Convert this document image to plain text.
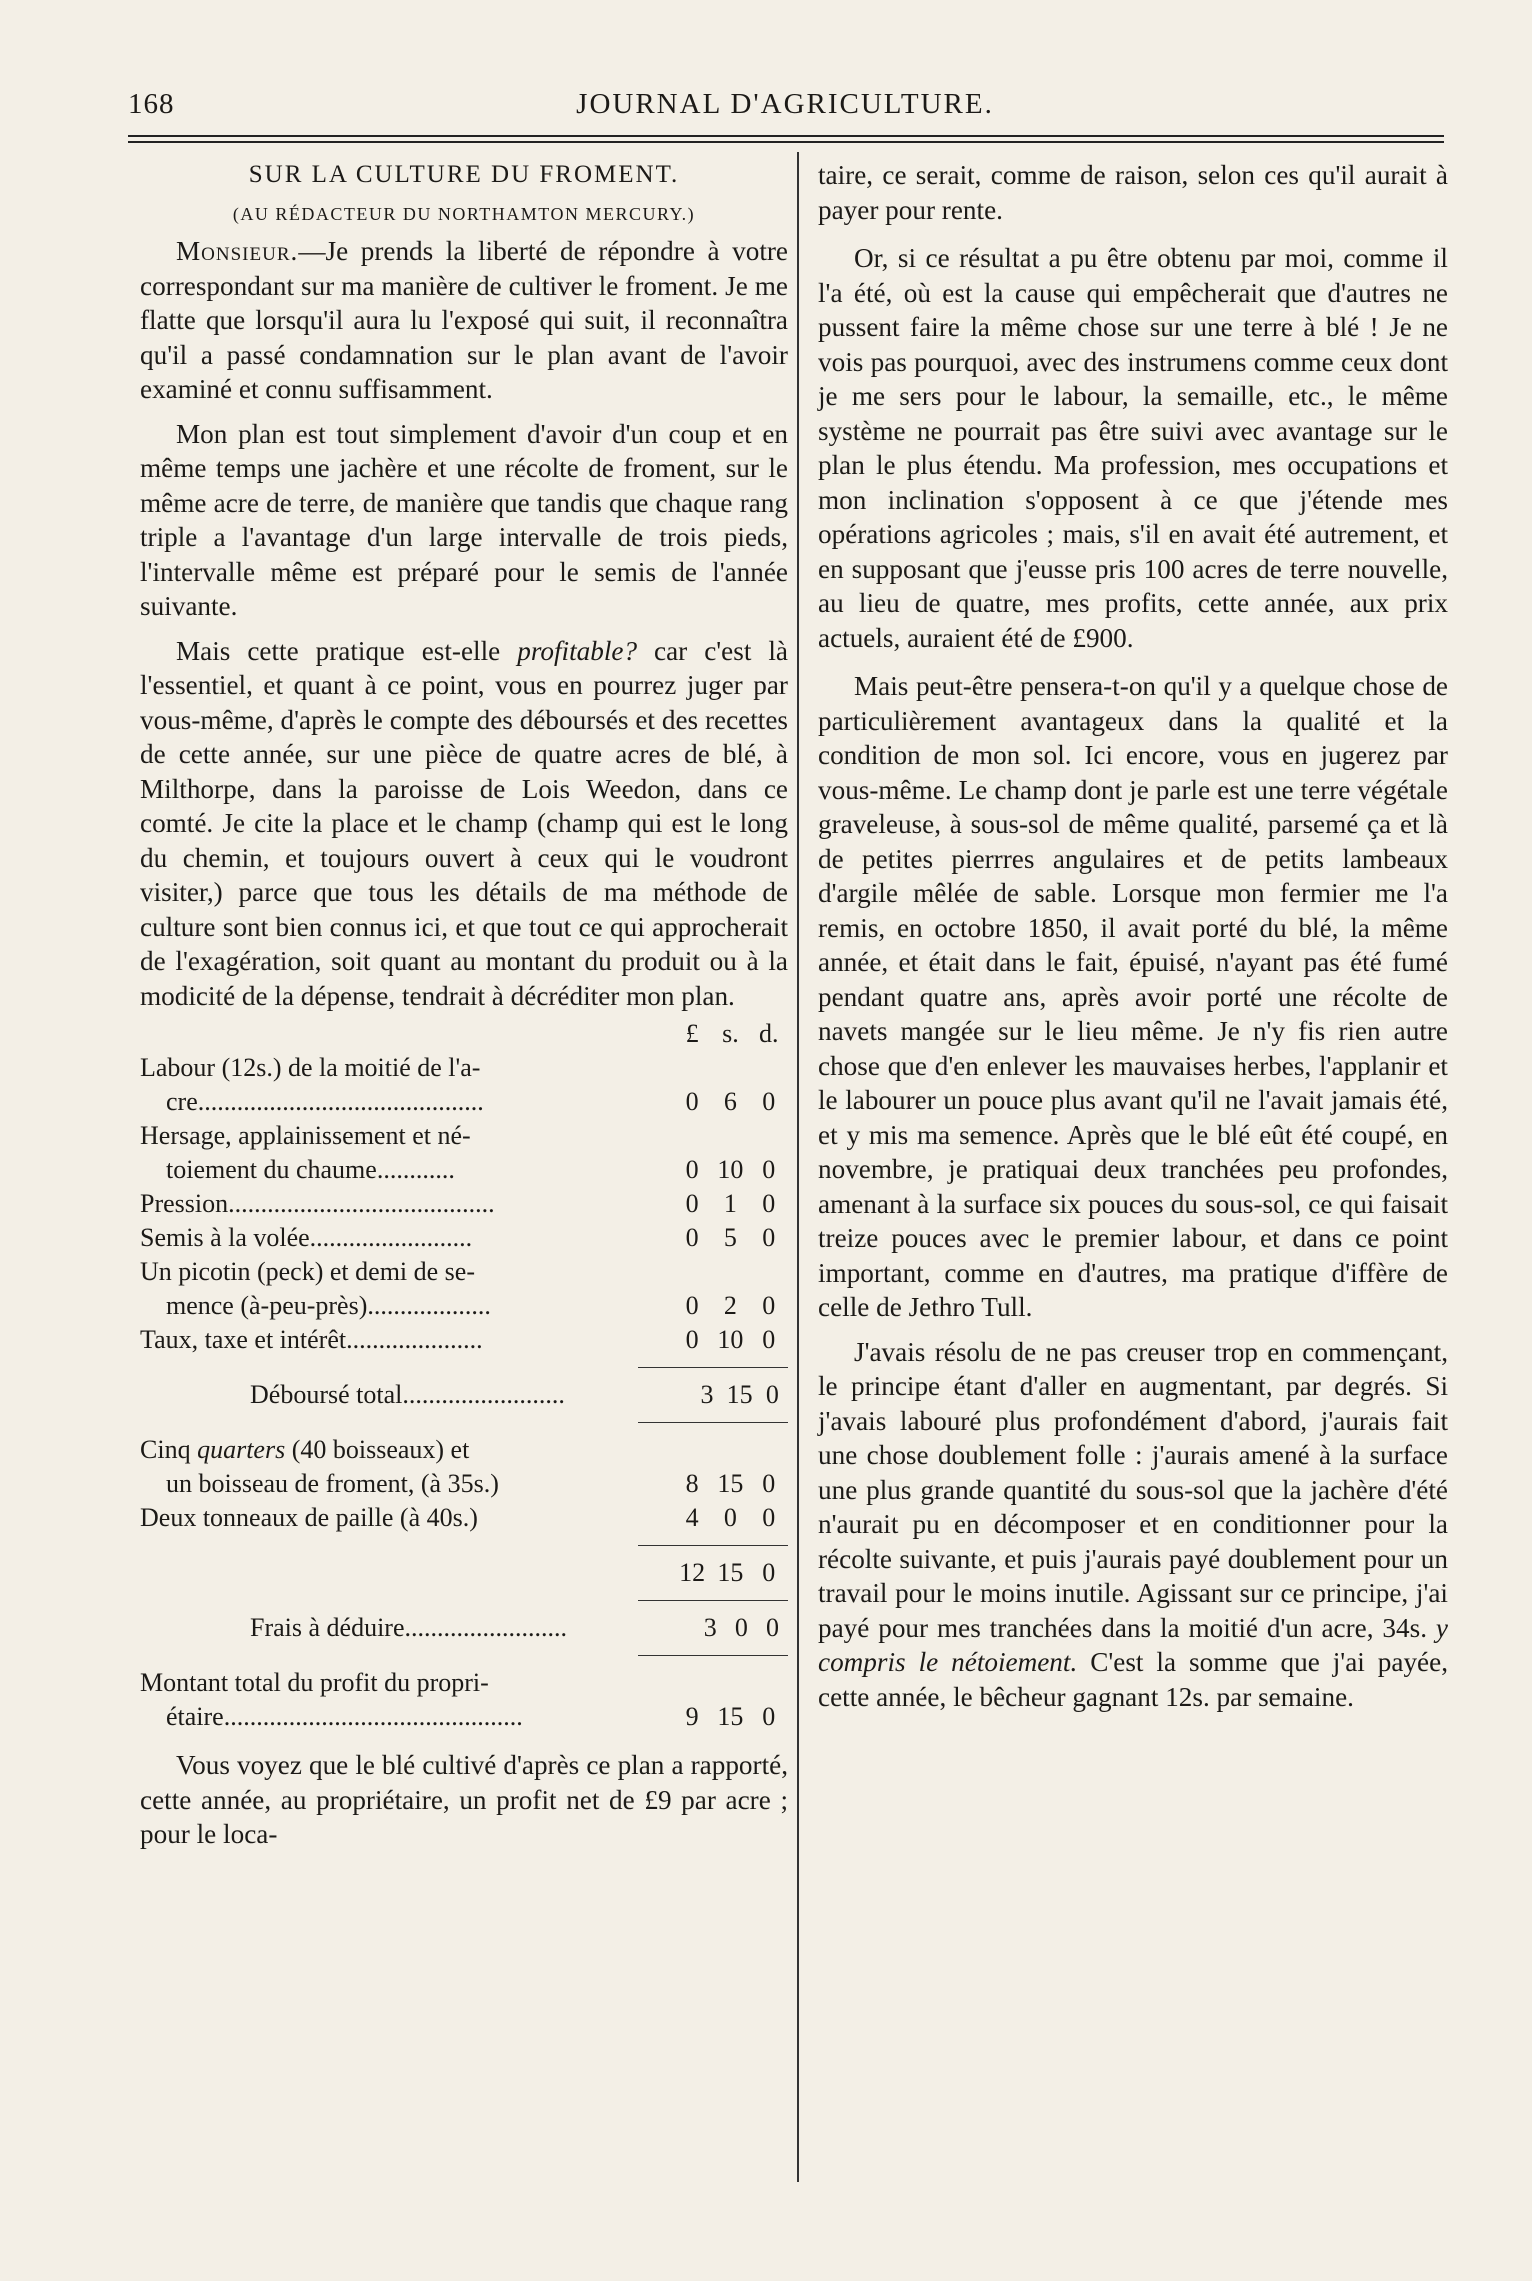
168	JOURNAL D'AGRICULTURE.
SUR LA CULTURE DU FROMENT.
(AU RÉDACTEUR DU NORTHAMTON MERCURY.)

Monsieur.—Je prends la liberté de répondre à votre correspondant sur ma manière de cultiver le froment. Je me flatte que lorsqu'il aura lu l'exposé qui suit, il reconnaîtra qu'il a passé condamnation sur le plan avant de l'avoir examiné et connu suffisamment.

Mon plan est tout simplement d'avoir d'un coup et en même temps une jachère et une récolte de froment, sur le même acre de terre, de manière que tandis que chaque rang triple a l'avantage d'un large intervalle de trois pieds, l'intervalle même est préparé pour le semis de l'année suivante.

Mais cette pratique est-elle profitable? car c'est là l'essentiel, et quant à ce point, vous en pourrez juger par vous-même, d'après le compte des déboursés et des recettes de cette année, sur une pièce de quatre acres de blé, à Milthorpe, dans la paroisse de Lois Weedon, dans ce comté. Je cite la place et le champ (champ qui est le long du chemin, et toujours ouvert à ceux qui le voudront visiter,) parce que tous les détails de ma méthode de culture sont bien connus ici, et que tout ce qui approcherait de l'exagération, soit quant au montant du produit ou à la modicité de la dépense, tendrait à décréditer mon plan.

	£	s.	d.

Labour (12s.) de la moitié de l'a-
cre............................................	0	6	0

Hersage, applainissement et né-
toiement du chaume............	0	10	0
Pression.........................................	0	1	0
Semis à la volée.........................	0	5	0

Un picotin (peck) et demi de se-
mence (à-peu-près)...................	0	2	0
Taux, taxe et intérêt.....................	0	10	0
Déboursé total.........................	3	15	0
Cinq quarters (40 boisseaux) et
un boisseau de froment, (à 35s.)	8	15	0
Deux tonneaux de paille (à 40s.)	4	0	0
	12	15	0
Frais à déduire.........................	3	0	0
Montant total du profit du propri-
étaire..............................................	9	15	0

Vous voyez que le blé cultivé d'après ce plan a rapporté, cette année, au propriétaire, un profit net de £9 par acre ; pour le loca-

taire, ce serait, comme de raison, selon ces qu'il aurait à payer pour rente.

Or, si ce résultat a pu être obtenu par moi, comme il l'a été, où est la cause qui empêcherait que d'autres ne pussent faire la même chose sur une terre à blé ! Je ne vois pas pourquoi, avec des instrumens comme ceux dont je me sers pour le labour, la semaille, etc., le même système ne pourrait pas être suivi avec avantage sur le plan le plus étendu. Ma profession, mes occupations et mon inclination s'opposent à ce que j'étende mes opérations agricoles ; mais, s'il en avait été autrement, et en supposant que j'eusse pris 100 acres de terre nouvelle, au lieu de quatre, mes profits, cette année, aux prix actuels, auraient été de £900.

Mais peut-être pensera-t-on qu'il y a quelque chose de particulièrement avantageux dans la qualité et la condition de mon sol. Ici encore, vous en jugerez par vous-même. Le champ dont je parle est une terre végétale graveleuse, à sous-sol de même qualité, parsemé ça et là de petites pierrres angulaires et de petits lambeaux d'argile mêlée de sable. Lorsque mon fermier me l'a remis, en octobre 1850, il avait porté du blé, la même année, et était dans le fait, épuisé, n'ayant pas été fumé pendant quatre ans, après avoir porté une récolte de navets mangée sur le lieu même. Je n'y fis rien autre chose que d'en enlever les mauvaises herbes, l'applanir et le labourer un pouce plus avant qu'il ne l'avait jamais été, et y mis ma semence. Après que le blé eût été coupé, en novembre, je pratiquai deux tranchées peu profondes, amenant à la surface six pouces du sous-sol, ce qui faisait treize pouces avec le premier labour, et dans ce point important, comme en d'autres, ma pratique d'iffère de celle de Jethro Tull.

J'avais résolu de ne pas creuser trop en commençant, le principe étant d'aller en augmentant, par degrés. Si j'avais labouré plus profondément d'abord, j'aurais fait une chose doublement folle : j'aurais amené à la surface une plus grande quantité du sous-sol que la jachère d'été n'aurait pu en décomposer et en conditionner pour la récolte suivante, et puis j'aurais payé doublement pour un travail pour le moins inutile. Agissant sur ce principe, j'ai payé pour mes tranchées dans la moitié d'un acre, 34s. y compris le nétoiement. C'est la somme que j'ai payée, cette année, le bêcheur gagnant 12s. par semaine.
